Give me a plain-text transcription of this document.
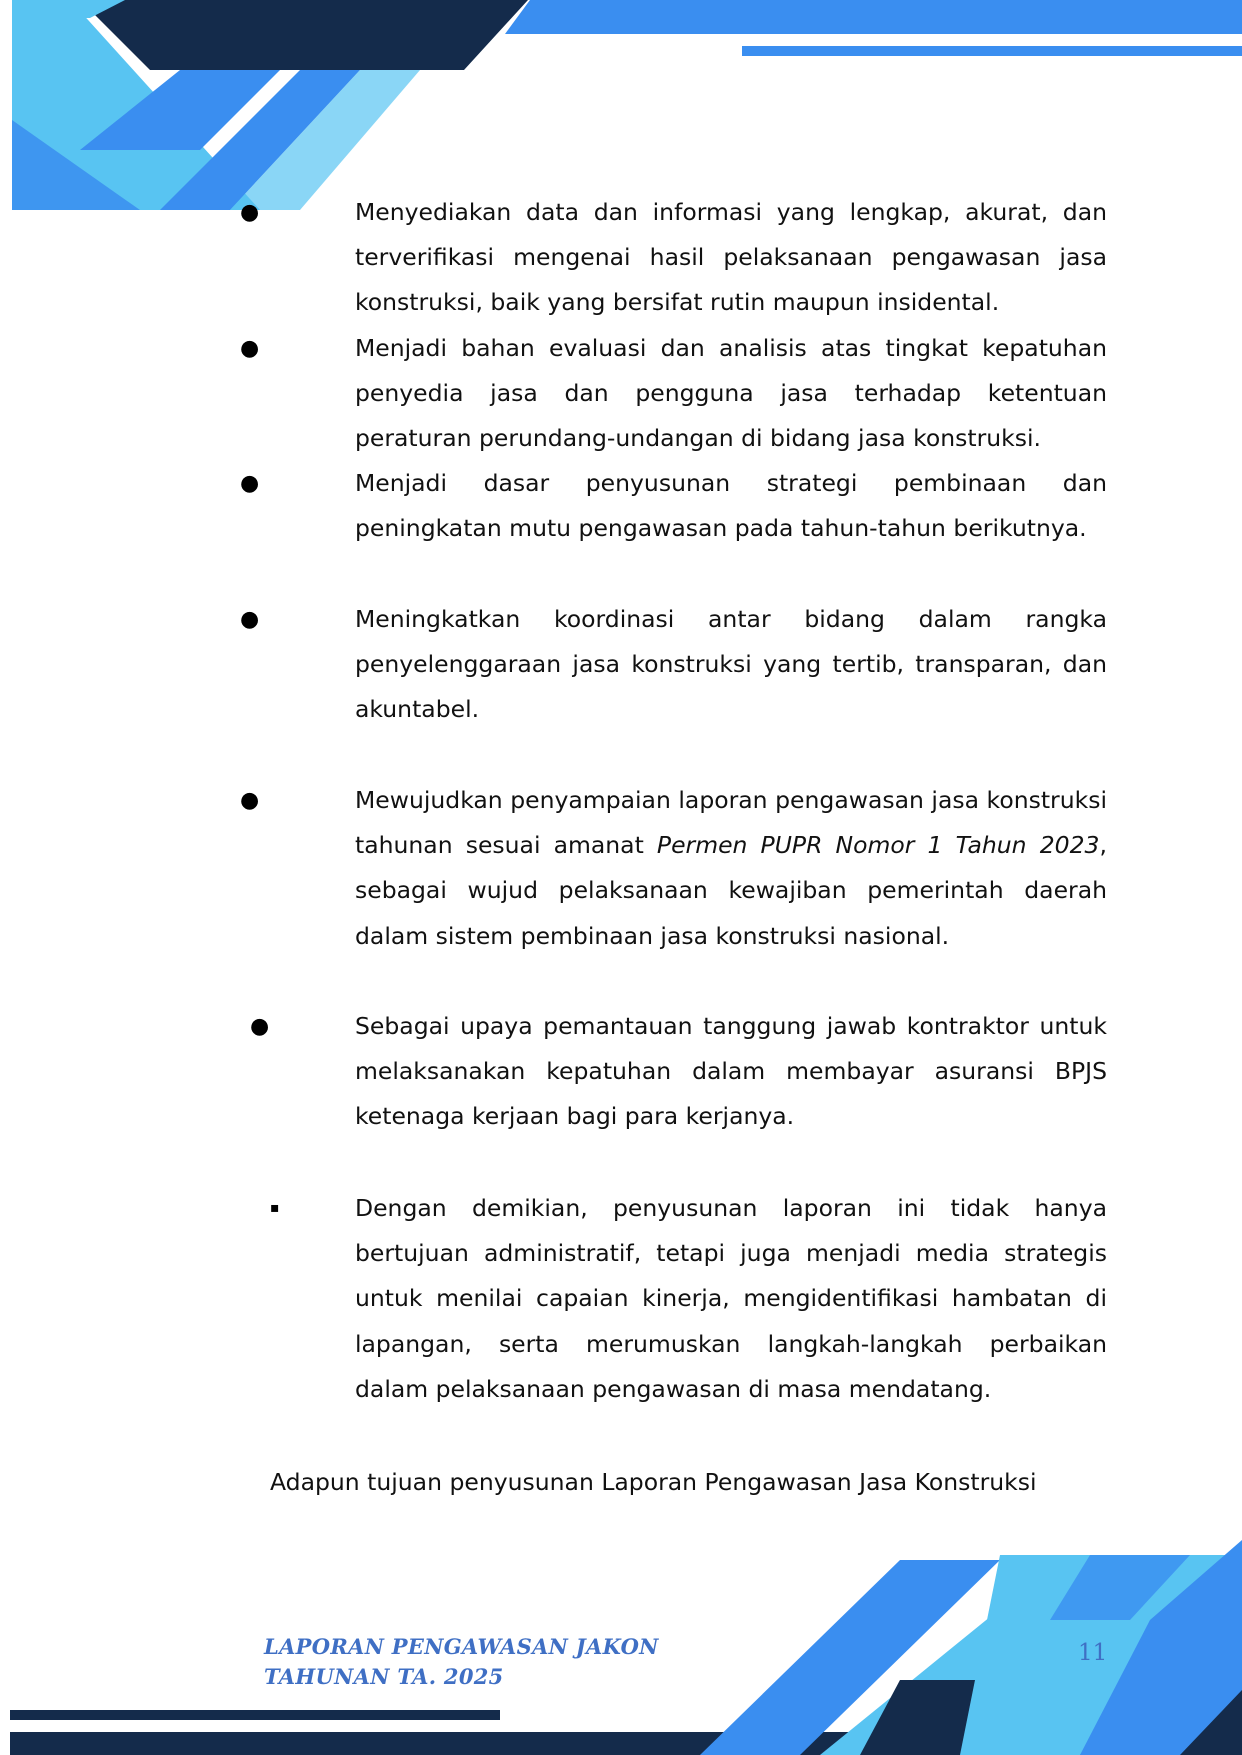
●	Menyediakan data dan informasi yang lengkap, akurat, dan terverifikasi mengenai hasil pelaksanaan pengawasan jasa konstruksi, baik yang bersifat rutin maupun insidental.
●	Menjadi bahan evaluasi dan analisis atas tingkat kepatuhan penyedia jasa dan pengguna jasa terhadap ketentuan peraturan perundang-undangan di bidang jasa konstruksi.
●	Menjadi dasar penyusunan strategi pembinaan dan peningkatan mutu pengawasan pada tahun-tahun berikutnya.
●	Meningkatkan koordinasi antar bidang dalam rangka penyelenggaraan jasa konstruksi yang tertib, transparan, dan akuntabel.
●	Mewujudkan penyampaian laporan pengawasan jasa konstruksi tahunan sesuai amanat Permen PUPR Nomor 1 Tahun 2023, sebagai wujud pelaksanaan kewajiban pemerintah daerah dalam sistem pembinaan jasa konstruksi nasional.
●	Sebagai upaya pemantauan tanggung jawab kontraktor untuk melaksanakan kepatuhan dalam membayar asuransi BPJS ketenaga kerjaan bagi para kerjanya.
▪	Dengan demikian, penyusunan laporan ini tidak hanya bertujuan administratif, tetapi juga menjadi media strategis untuk menilai capaian kinerja, mengidentifikasi hambatan di lapangan, serta merumuskan langkah-langkah perbaikan dalam pelaksanaan pengawasan di masa mendatang.
Adapun tujuan penyusunan Laporan Pengawasan Jasa Konstruksi
LAPORAN PENGAWASAN JAKON
TAHUNAN TA. 2025
11
